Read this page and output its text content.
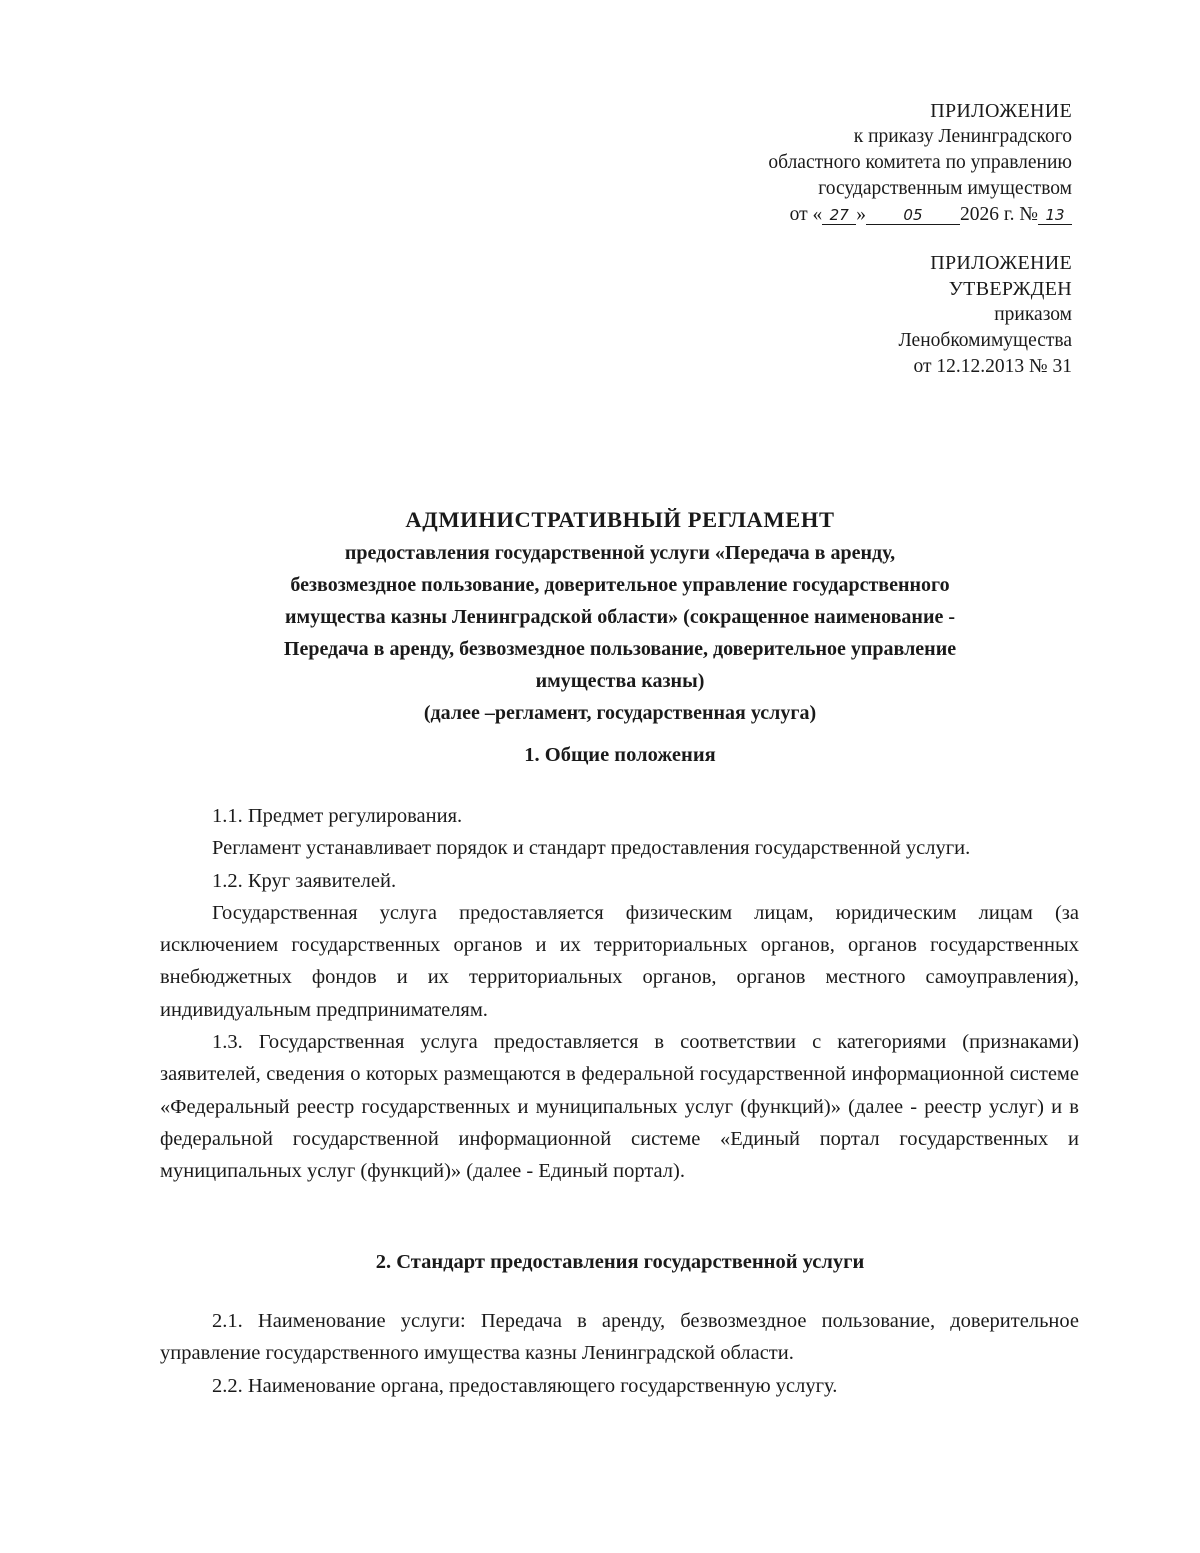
ПРИЛОЖЕНИЕ
к приказу Ленинградского
областного комитета по управлению
государственным имуществом
от « 27 » 05 2026 г. № 13
ПРИЛОЖЕНИЕ
УТВЕРЖДЕН
приказом
Ленобкомимущества
от 12.12.2013 № 31
АДМИНИСТРАТИВНЫЙ РЕГЛАМЕНТ
предоставления государственной услуги «Передача в аренду,
безвозмездное пользование, доверительное управление государственного
имущества казны Ленинградской области» (сокращенное наименование -
Передача в аренду, безвозмездное пользование, доверительное управление
имущества казны)
(далее –регламент, государственная услуга)
1. Общие положения

1.1. Предмет регулирования.

Регламент устанавливает порядок и стандарт предоставления государственной услуги.

1.2. Круг заявителей.

Государственная услуга предоставляется физическим лицам, юридическим лицам (за исключением государственных органов и их территориальных органов, органов государственных внебюджетных фондов и их территориальных органов, органов местного самоуправления), индивидуальным предпринимателям.

1.3. Государственная услуга предоставляется в соответствии с категориями (признаками) заявителей, сведения о которых размещаются в федеральной государственной информационной системе «Федеральный реестр государственных и муниципальных услуг (функций)» (далее - реестр услуг) и в федеральной государственной информационной системе «Единый портал государственных и муниципальных услуг (функций)» (далее - Единый портал).

2. Стандарт предоставления государственной услуги

2.1. Наименование услуги: Передача в аренду, безвозмездное пользование, доверительное управление государственного имущества казны Ленинградской области.

2.2. Наименование органа, предоставляющего государственную услугу.
